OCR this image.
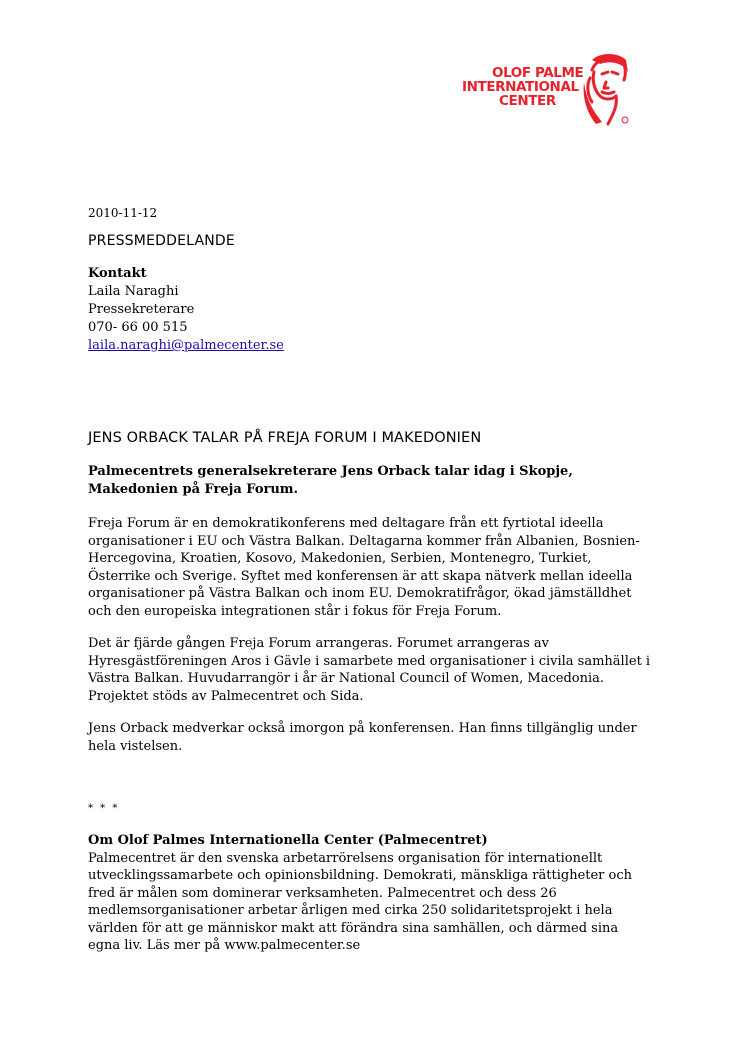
OLOF PALME
INTERNATIONAL
CENTER
2010-11-12
PRESSMEDDELANDE
Kontakt
Laila Naraghi
Pressekreterare
070- 66 00 515
laila.naraghi@palmecenter.se
JENS ORBACK TALAR PÅ FREJA FORUM I MAKEDONIEN
Palmecentrets generalsekreterare Jens Orback talar idag i Skopje, Makedonien på Freja Forum.

Freja Forum är en demokratikonferens med deltagare från ett fyrtiotal ideella organisationer i EU och Västra Balkan. Deltagarna kommer från Albanien, Bosnien-Hercegovina, Kroatien, Kosovo, Makedonien, Serbien, Montenegro, Turkiet, Österrike och Sverige. Syftet med konferensen är att skapa nätverk mellan ideella organisationer på Västra Balkan och inom EU. Demokratifrågor, ökad jämställdhet och den europeiska integrationen står i fokus för Freja Forum.

Det är fjärde gången Freja Forum arrangeras. Forumet arrangeras av Hyresgästföreningen Aros i Gävle i samarbete med organisationer i civila samhället i Västra Balkan. Huvudarrangör i år är National Council of Women, Macedonia. Projektet stöds av Palmecentret och Sida.

Jens Orback medverkar också imorgon på konferensen. Han finns tillgänglig under hela vistelsen.

* * *

Om Olof Palmes Internationella Center (Palmecentret)

Palmecentret är den svenska arbetarrörelsens organisation för internationellt utvecklingssamarbete och opinionsbildning. Demokrati, mänskliga rättigheter och fred är målen som dominerar verksamheten. Palmecentret och dess 26 medlemsorganisationer arbetar årligen med cirka 250 solidaritetsprojekt i hela världen för att ge människor makt att förändra sina samhällen, och därmed sina egna liv. Läs mer på www.palmecenter.se
